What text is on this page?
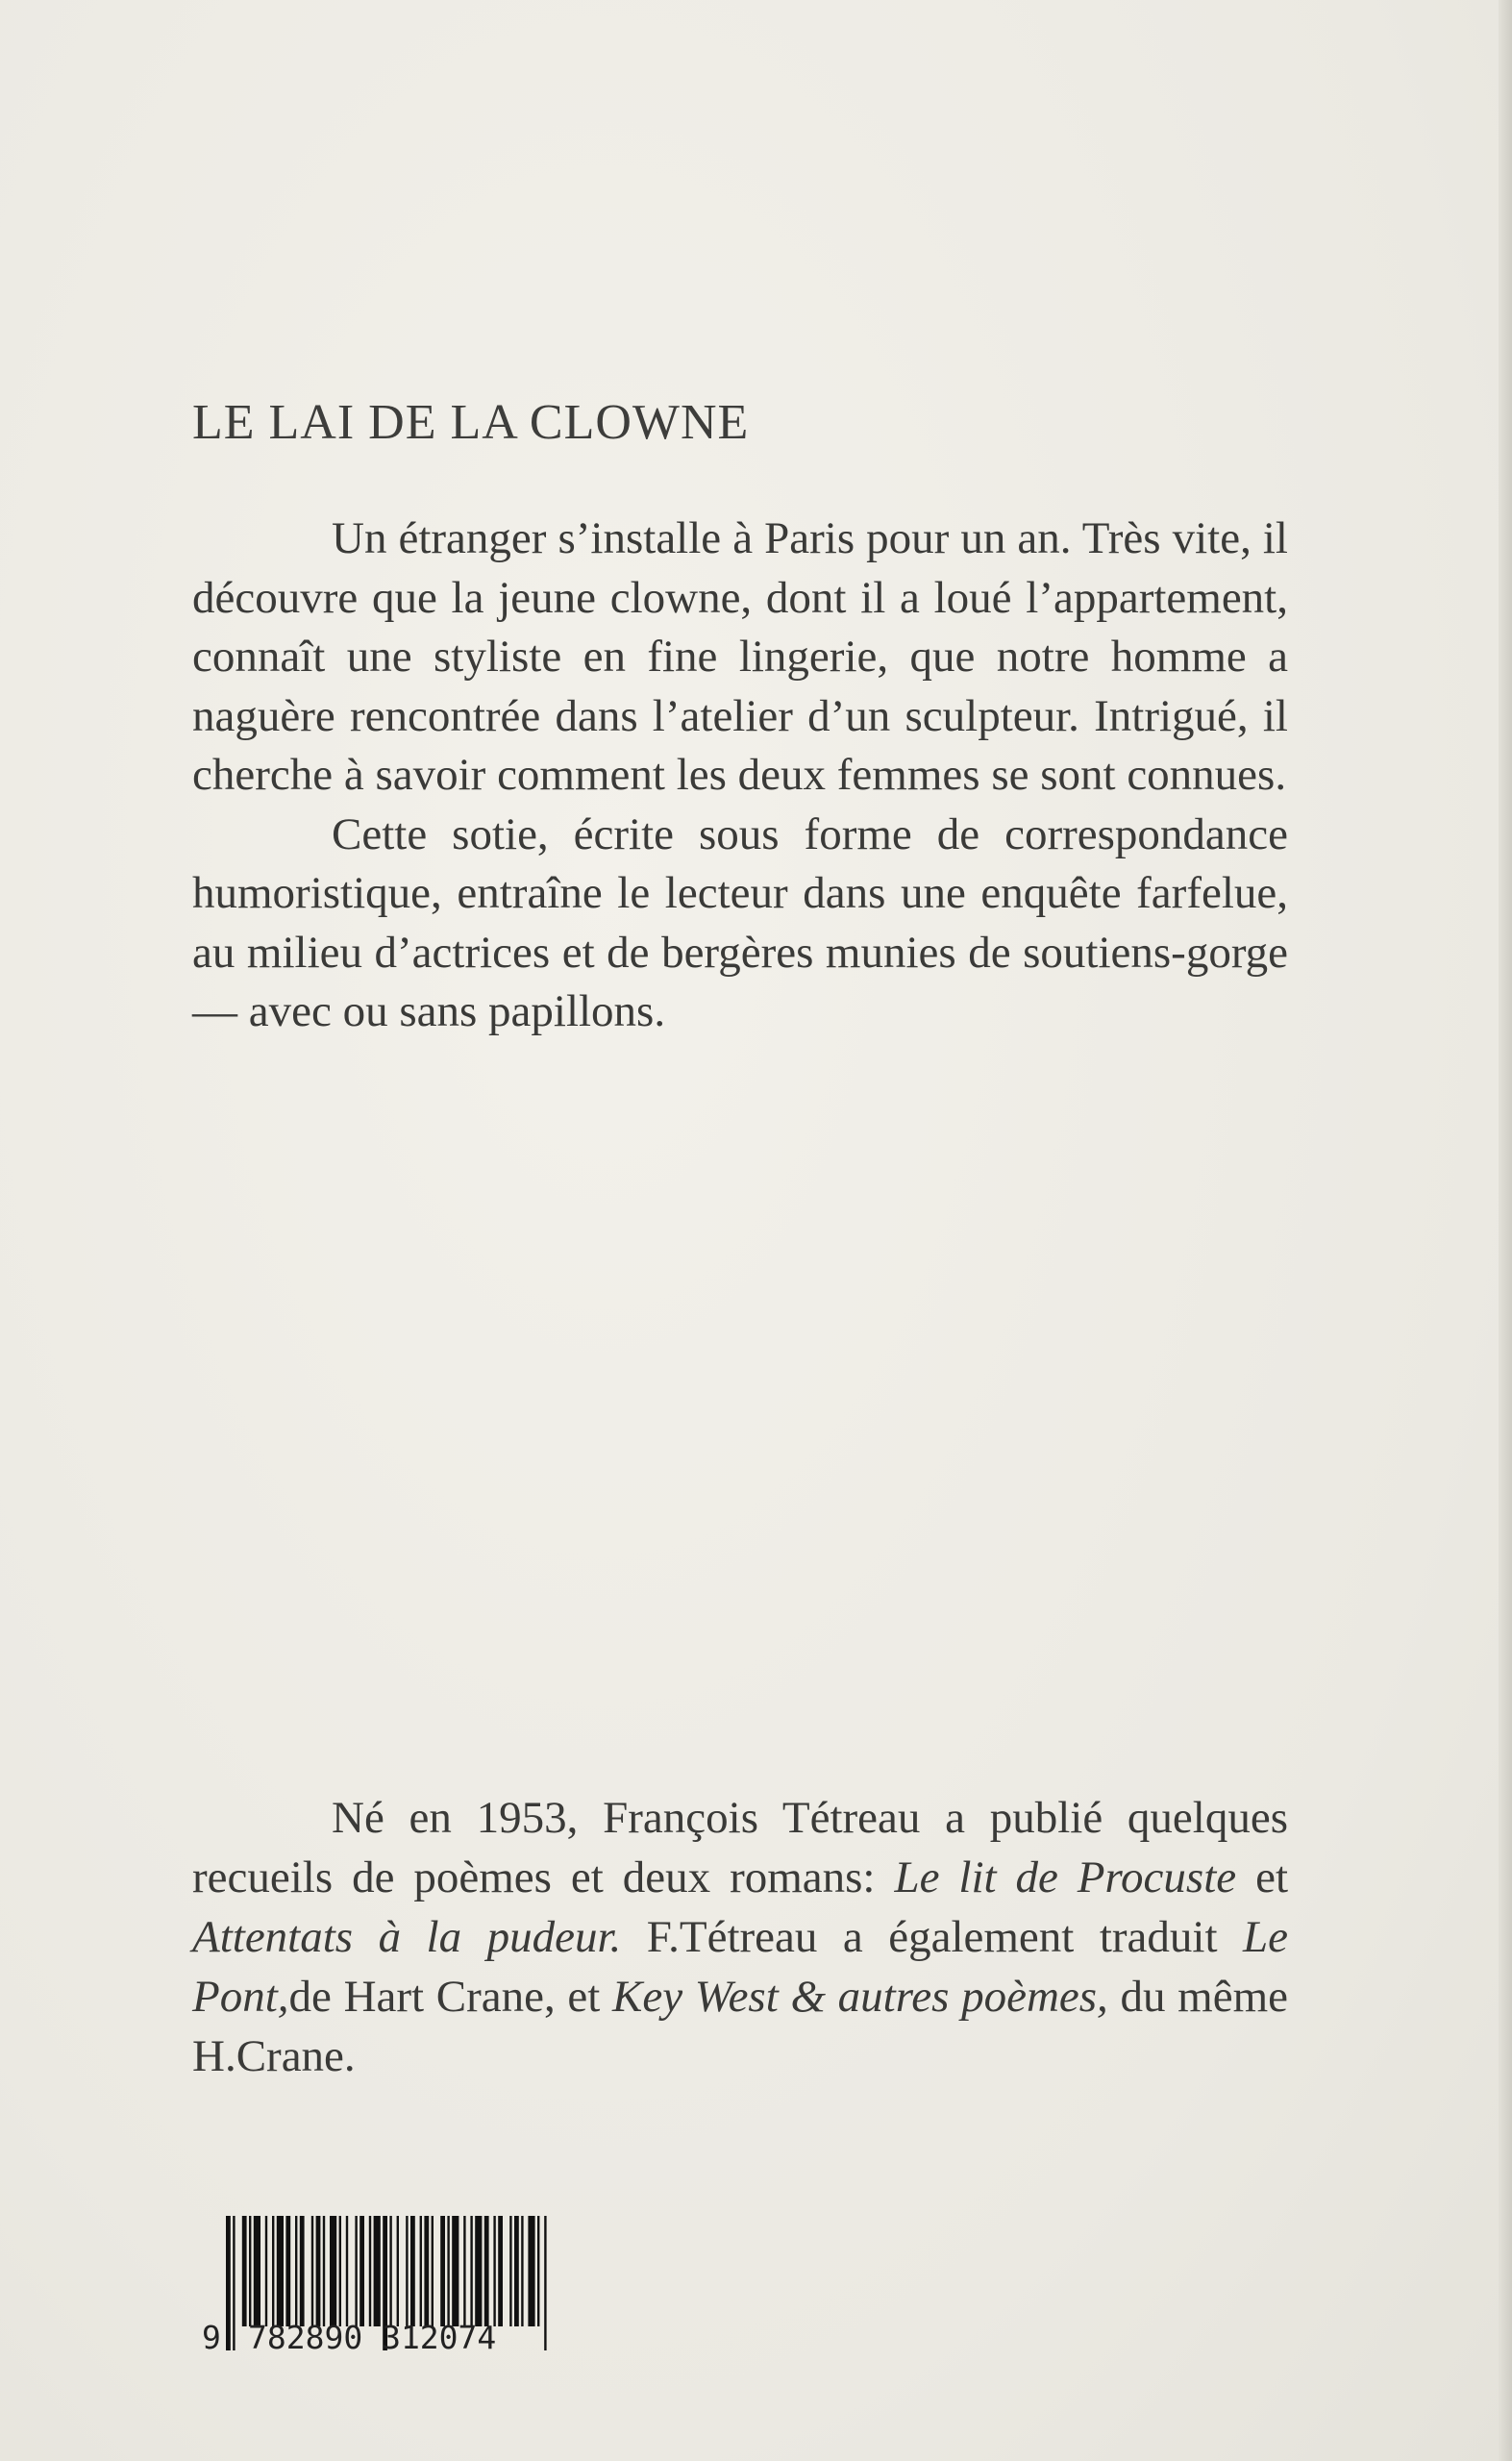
LE LAI DE LA CLOWNE

Un étranger s’installe à Paris pour un an. Très vite, il découvre que la jeune clowne, dont il a loué l’appartement, connaît une styliste en fine lingerie, que notre homme a naguère rencontrée dans l’atelier d’un sculpteur. Intrigué, il cherche à savoir comment les deux femmes se sont connues.

Cette sotie, écrite sous forme de correspondance humoristique, entraîne le lecteur dans une enquête farfelue, au milieu d’actrices et de bergères munies de soutiens-gorge — avec ou sans papillons.

Né en 1953, François Tétreau a publié quelques recueils de poèmes et deux romans: Le lit de Procuste et Attentats à la pudeur. F.Tétreau a également traduit Le Pont,de Hart Crane, et Key West & autres poèmes, du même H.Crane.

9 782890 312074
